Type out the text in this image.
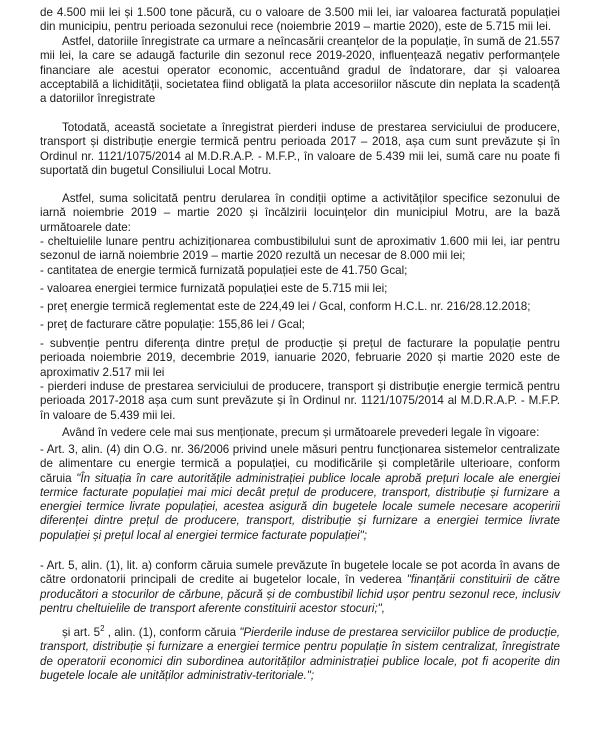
de 4.500 mii lei și 1.500 tone păcură, cu o valoare de 3.500 mii lei, iar valoarea facturată populației din municipiu, pentru perioada sezonului rece (noiembrie 2019 – martie 2020), este de 5.715 mii lei.

Astfel, datoriile înregistrate ca urmare a neîncasării creanțelor de la populație, în sumă de 21.557 mii lei, la care se adaugă facturile din sezonul rece 2019-2020, influențează negativ performanțele financiare ale acestui operator economic, accentuând gradul de îndatorare, dar și valoarea acceptabilă a lichidității, societatea fiind obligată la plata accesoriilor născute din neplata la scadență a datoriilor înregistrate

Totodată, această societate a înregistrat pierderi induse de prestarea serviciului de producere, transport și distribuție energie termică pentru perioada 2017 – 2018, așa cum sunt prevăzute și în Ordinul nr. 1121/1075/2014 al M.D.R.A.P. - M.F.P., în valoare de 5.439 mii lei, sumă care nu poate fi suportată din bugetul Consiliului Local Motru.

Astfel, suma solicitată pentru derularea în condiții optime a activităților specifice sezonului de iarnă noiembrie 2019 – martie 2020 și încălzirii locuințelor din municipiul Motru, are la bază următoarele date:

- cheltuielile lunare pentru achiziționarea combustibilului sunt de aproximativ 1.600 mii lei, iar pentru sezonul de iarnă noiembrie 2019 – martie 2020 rezultă un necesar de 8.000 mii lei;

- cantitatea de energie termică furnizată populației este de 41.750 Gcal;

- valoarea energiei termice furnizată populației este de 5.715 mii lei;

- preț energie termică reglementat este de 224,49 lei / Gcal, conform H.C.L. nr. 216/28.12.2018;

- preț de facturare către populație: 155,86 lei / Gcal;

- subvenție pentru diferența dintre prețul de producție și prețul de facturare la populație pentru perioada noiembrie 2019, decembrie 2019, ianuarie 2020, februarie 2020 și martie 2020 este de aproximativ 2.517 mii lei

- pierderi induse de prestarea serviciului de producere, transport și distribuție energie termică pentru perioada 2017-2018 așa cum sunt prevăzute și în Ordinul nr. 1121/1075/2014 al M.D.R.A.P. - M.F.P. în valoare de 5.439 mii lei.

Având în vedere cele mai sus menționate, precum și următoarele prevederi legale în vigoare:

- Art. 3, alin. (4) din O.G. nr. 36/2006 privind unele măsuri pentru funcționarea sistemelor centralizate de alimentare cu energie termică a populației, cu modificările și completările ulterioare, conform căruia "În situația în care autoritățile administrației publice locale aprobă prețuri locale ale energiei termice facturate populației mai mici decât prețul de producere, transport, distribuție și furnizare a energiei termice livrate populației, acestea asigură din bugetele locale sumele necesare acoperirii diferenței dintre prețul de producere, transport, distribuție și furnizare a energiei termice livrate populației și prețul local al energiei termice facturate populației";

- Art. 5, alin. (1), lit. a) conform căruia sumele prevăzute în bugetele locale se pot acorda în avans de către ordonatorii principali de credite ai bugetelor locale, în vederea "finanțării constituirii de către producători a stocurilor de cărbune, păcură și de combustibil lichid ușor pentru sezonul rece, inclusiv pentru cheltuielile de transport aferente constituirii acestor stocuri;",

și art. $5^2$ , alin. (1), conform căruia "Pierderile induse de prestarea serviciilor publice de producție, transport, distribuție și furnizare a energiei termice pentru populație în sistem centralizat, înregistrate de operatorii economici din subordinea autorităților administrației publice locale, pot fi acoperite din bugetele locale ale unităților administrativ-teritoriale.";
